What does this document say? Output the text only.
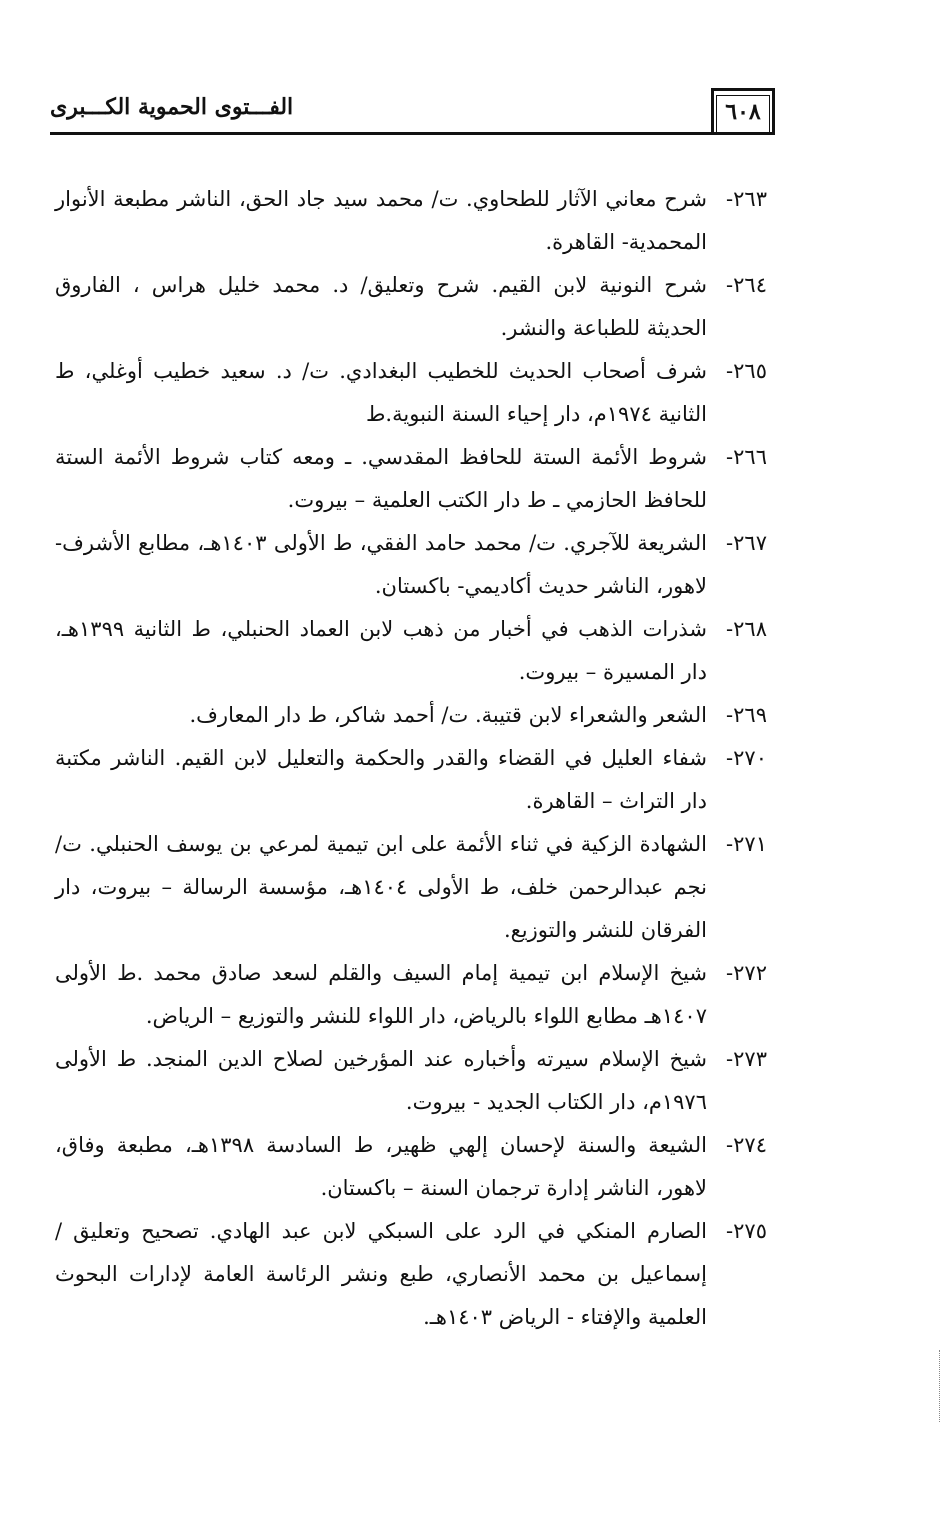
٦٠٨
الفـــتوى الحموية الكـــبرى
٢٦٣-
شرح معاني الآثار للطحاوي. ت/ محمد سيد جاد الحق، الناشر مطبعة الأنوار المحمدية- القاهرة.
٢٦٤-
شرح النونية لابن القيم. شرح وتعليق/ د. محمد خليل هراس ، الفاروق الحديثة للطباعة والنشر.
٢٦٥-
شرف أصحاب الحديث للخطيب البغدادي. ت/ د. سعيد خطيب أوغلي، ط الثانية ١٩٧٤م، دار إحياء السنة النبوية.ط
٢٦٦-
شروط الأئمة الستة للحافظ المقدسي. ـ ومعه كتاب شروط الأئمة الستة للحافظ الحازمي ـ ط دار الكتب العلمية – بيروت.
٢٦٧-
الشريعة للآجري. ت/ محمد حامد الفقي، ط الأولى ١٤٠٣هـ، مطابع الأشرف- لاهور، الناشر حديث أكاديمي- باكستان.
٢٦٨-
شذرات الذهب في أخبار من ذهب لابن العماد الحنبلي، ط الثانية ١٣٩٩هـ، دار المسيرة – بيروت.
٢٦٩-
الشعر والشعراء لابن قتيبة. ت/ أحمد شاكر، ط دار المعارف.
٢٧٠-
شفاء العليل في القضاء والقدر والحكمة والتعليل لابن القيم. الناشر مكتبة دار التراث – القاهرة.
٢٧١-
الشهادة الزكية في ثناء الأئمة على ابن تيمية لمرعي بن يوسف الحنبلي. ت/ نجم عبدالرحمن خلف، ط الأولى ١٤٠٤هـ، مؤسسة الرسالة – بيروت، دار الفرقان للنشر والتوزيع.
٢٧٢-
شيخ الإسلام ابن تيمية إمام السيف والقلم لسعد صادق محمد .ط الأولى ١٤٠٧هـ مطابع اللواء بالرياض، دار اللواء للنشر والتوزيع – الرياض.
٢٧٣-
شيخ الإسلام سيرته وأخباره عند المؤرخين لصلاح الدين المنجد. ط الأولى ١٩٧٦م، دار الكتاب الجديد - بيروت.
٢٧٤-
الشيعة والسنة لإحسان إلهي ظهير، ط السادسة ١٣٩٨هـ، مطبعة وفاق، لاهور، الناشر إدارة ترجمان السنة – باكستان.
٢٧٥-
الصارم المنكي في الرد على السبكي لابن عبد الهادي. تصحيح وتعليق / إسماعيل بن محمد الأنصاري، طبع ونشر الرئاسة العامة لإدارات البحوث العلمية والإفتاء - الرياض ١٤٠٣هـ.
